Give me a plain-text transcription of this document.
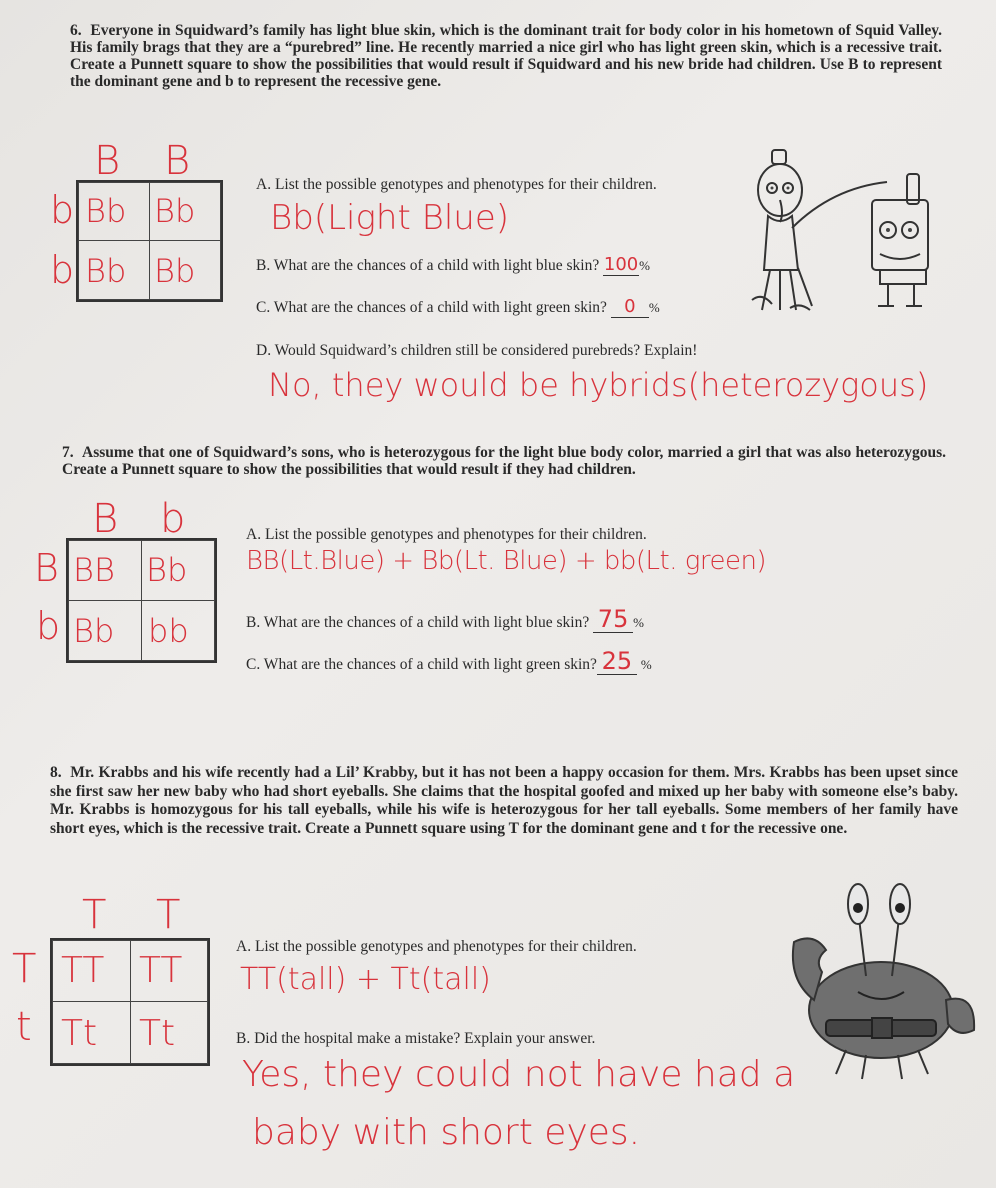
6. Everyone in Squidward’s family has light blue skin, which is the dominant trait for body color in his hometown of Squid Valley. His family brags that they are a “purebred” line. He recently married a nice girl who has light green skin, which is a recessive trait. Create a Punnett square to show the possibilities that would result if Squidward and his new bride had children. Use B to represent the dominant gene and b to represent the recessive gene.
B B
b
b
Bb Bb
Bb Bb
A. List the possible genotypes and phenotypes for their children.
Bb(Light Blue)
B. What are the chances of a child with light blue skin? 100%
C. What are the chances of a child with light green skin? 0 %
D. Would Squidward’s children still be considered purebreds? Explain!
No, they would be hybrids(heterozygous)
7. Assume that one of Squidward’s sons, who is heterozygous for the light blue body color, married a girl that was also heterozygous. Create a Punnett square to show the possibilities that would result if they had children.
B b
B
b
BB Bb
Bb bb
A. List the possible genotypes and phenotypes for their children.
BB(Lt.Blue) + Bb(Lt. Blue) + bb(Lt. green)
B. What are the chances of a child with light blue skin? 75 %
C. What are the chances of a child with light green skin? 25 %
8. Mr. Krabbs and his wife recently had a Lil’ Krabby, but it has not been a happy occasion for them. Mrs. Krabbs has been upset since she first saw her new baby who had short eyeballs. She claims that the hospital goofed and mixed up her baby with someone else’s baby. Mr. Krabbs is homozygous for his tall eyeballs, while his wife is heterozygous for her tall eyeballs. Some members of her family have short eyes, which is the recessive trait. Create a Punnett square using T for the dominant gene and t for the recessive one.
T T
T
t
TT TT
Tt Tt
A. List the possible genotypes and phenotypes for their children.
TT(tall) + Tt(tall)
B. Did the hospital make a mistake? Explain your answer.
Yes, they could not have had a
baby with short eyes.
